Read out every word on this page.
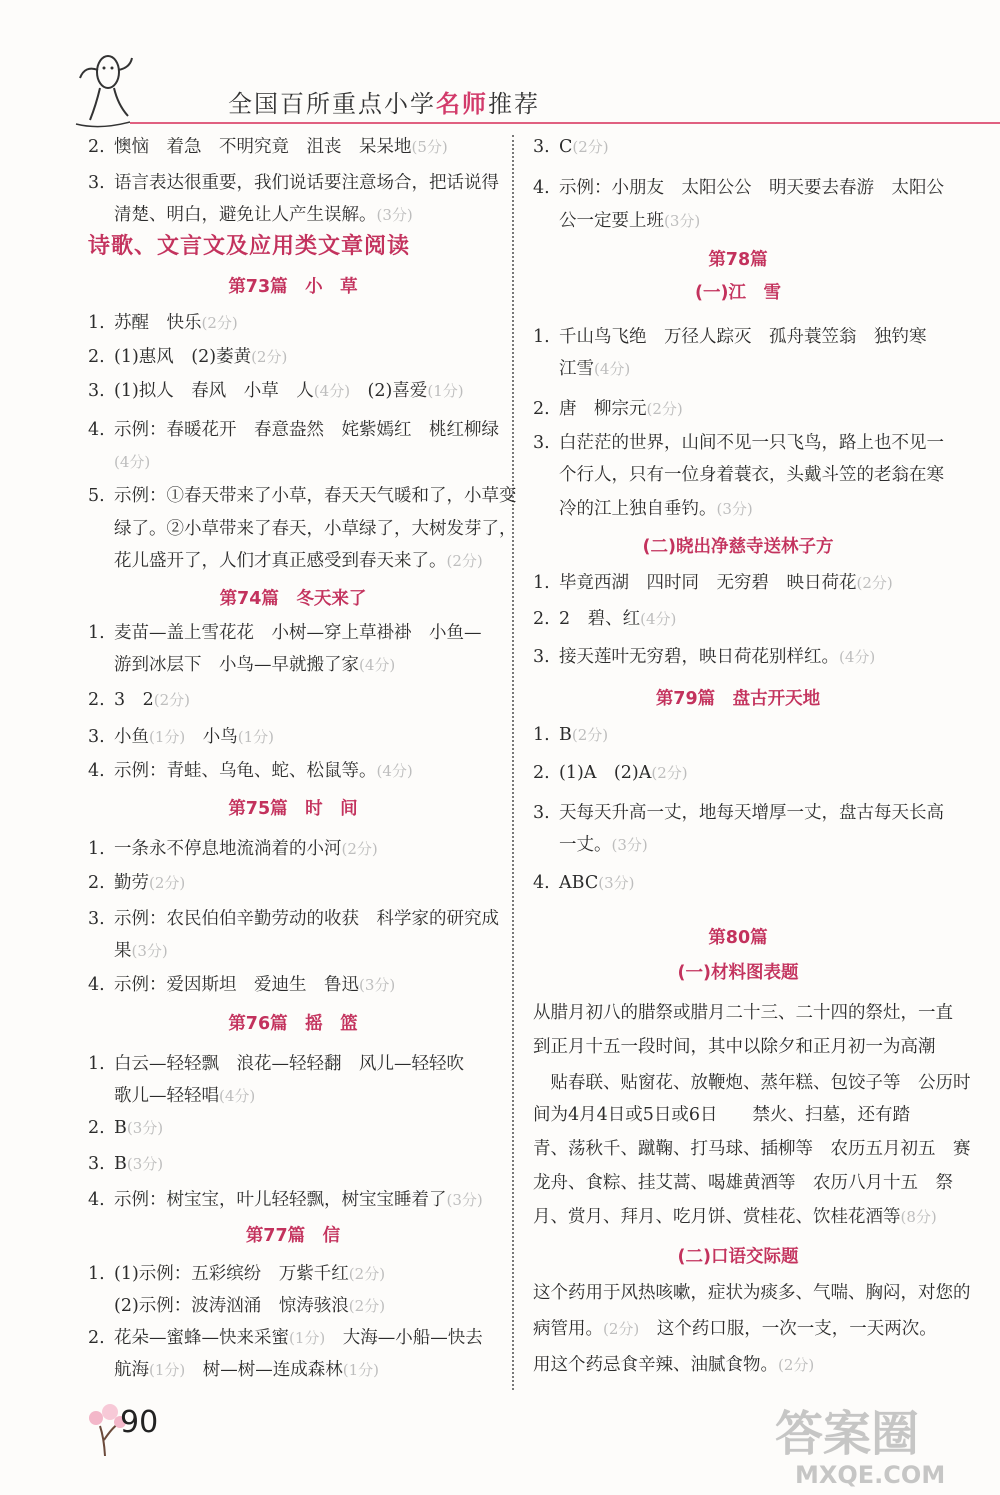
全国百所重点小学名师推荐
2. 懊恼　着急　不明究竟　沮丧　呆呆地(5分)
3. 语言表达很重要，我们说话要注意场合，把话说得
清楚、明白，避免让人产生误解。(3分)
诗歌、文言文及应用类文章阅读
第73篇　小　草
1. 苏醒　快乐(2分)
2. (1)惠风　(2)萎黄(2分)
3. (1)拟人　春风　小草　人(4分)　 (2)喜爱(1分)
4. 示例：春暖花开　春意盎然　姹紫嫣红　桃红柳绿
(4分)
5. 示例：①春天带来了小草，春天天气暖和了，小草变
绿了。②小草带来了春天，小草绿了，大树发芽了，
花儿盛开了，人们才真正感受到春天来了。(2分)
第74篇　冬天来了
1. 麦苗—盖上雪花花　小树—穿上草褂褂　小鱼—
游到冰层下　小鸟—早就搬了家(4分)
2. 3　2(2分)
3. 小鱼(1分)　 小鸟(1分)
4. 示例：青蛙、乌龟、蛇、松鼠等。(4分)
第75篇　时　间
1. 一条永不停息地流淌着的小河(2分)
2. 勤劳(2分)
3. 示例：农民伯伯辛勤劳动的收获　科学家的研究成
果(3分)
4. 示例：爱因斯坦　爱迪生　鲁迅(3分)
第76篇　摇　篮
1. 白云—轻轻飘　浪花—轻轻翻　风儿—轻轻吹
歌儿—轻轻唱(4分)
2. B(3分)
3. B(3分)
4. 示例：树宝宝，叶儿轻轻飘，树宝宝睡着了(3分)
第77篇　信
1. (1)示例：五彩缤纷　万紫千红(2分)
(2)示例：波涛汹涌　惊涛骇浪(2分)
2. 花朵—蜜蜂—快来采蜜(1分)　 大海—小船—快去
航海(1分)　 树—树—连成森林(1分)
3. C(2分)
4. 示例：小朋友　太阳公公　明天要去春游　太阳公
公一定要上班(3分)
第78篇
(一)江　雪
1. 千山鸟飞绝　万径人踪灭　孤舟蓑笠翁　独钓寒
江雪(4分)
2. 唐　柳宗元(2分)
3. 白茫茫的世界，山间不见一只飞鸟，路上也不见一
个行人，只有一位身着蓑衣，头戴斗笠的老翁在寒
冷的江上独自垂钓。(3分)
(二)晓出净慈寺送林子方
1. 毕竟西湖　四时同　无穷碧　映日荷花(2分)
2. 2　碧、红(4分)
3. 接天莲叶无穷碧，映日荷花别样红。(4分)
第79篇　盘古开天地
1. B(2分)
2. (1)A　(2)A(2分)
3. 天每天升高一丈，地每天增厚一丈，盘古每天长高
一丈。(3分)
4. ABC(3分)
第80篇
(一)材料图表题
从腊月初八的腊祭或腊月二十三、二十四的祭灶，一直
到正月十五一段时间，其中以除夕和正月初一为高潮
　贴春联、贴窗花、放鞭炮、蒸年糕、包饺子等　公历时
间为4月4日或5日或6日　　禁火、扫墓，还有踏
青、荡秋千、蹴鞠、打马球、插柳等　农历五月初五　赛
龙舟、食粽、挂艾蒿、喝雄黄酒等　农历八月十五　祭
月、赏月、拜月、吃月饼、赏桂花、饮桂花酒等(8分)
(二)口语交际题
这个药用于风热咳嗽，症状为痰多、气喘、胸闷，对您的
病管用。(2分)　 这个药口服，一次一支，一天两次。
用这个药忌食辛辣、油腻食物。(2分)
90	答案圈
MXQE.COM
